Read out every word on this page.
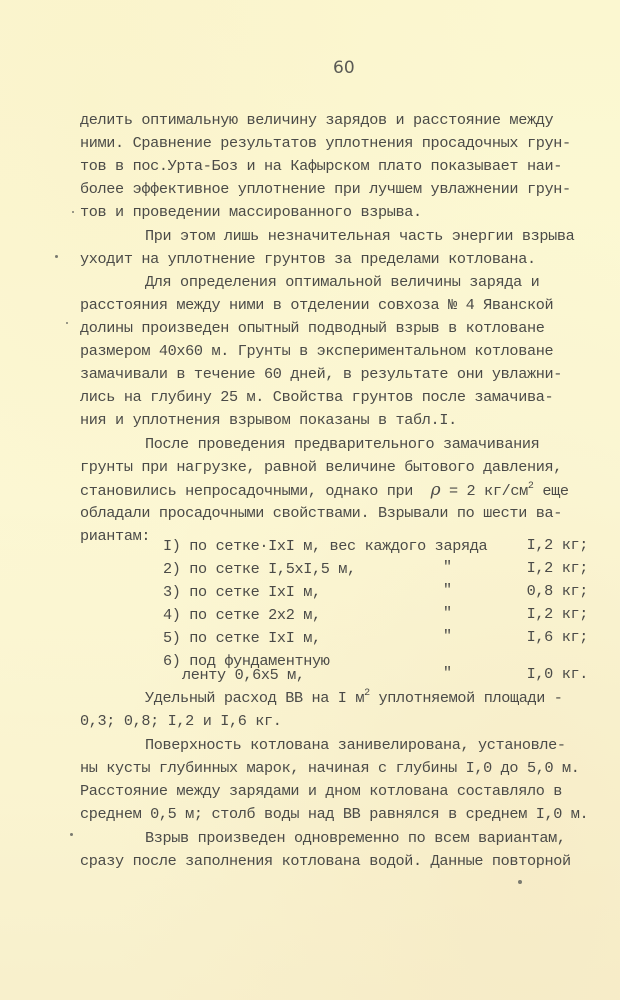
60
делить оптимальную величину зарядов и расстояние между
ними. Сравнение результатов уплотнения просадочных грун-
тов в пос.Урта-Боз и на Кафырском плато показывает наи-
более эффективное уплотнение при лучшем увлажнении грун-
тов и проведении массированного взрыва.
При этом лишь незначительная часть энергии взрыва
уходит на уплотнение грунтов за пределами котлована.
Для определения оптимальной величины заряда и
расстояния между ними в отделении совхоза № 4 Яванской
долины произведен опытный подводный взрыв в котловане
размером 40х60 м. Грунты в экспериментальном котловане
замачивали в течение 60 дней, в результате они увлажни-
лись на глубину 25 м. Свойства грунтов после замачива-
ния и уплотнения взрывом показаны в табл.I.
После проведения предварительного замачивания
грунты при нагрузке, равной величине бытового давления,
становились непросадочными, однако при ρ = 2 $кг/см^2$ еще
обладали просадочными свойствами. Взрывали по шести ва-
риантам:
I) по сетке·IxI м, вес каждого заряда	I,2 кг;
2) по сетке I,5xI,5 м,	"	I,2 кг;
3) по сетке IxI м,	"	0,8 кг;
4) по сетке 2x2 м,	"	I,2 кг;
5) по сетке IxI м,	"	I,6 кг;
6) под фундаментную
ленту 0,6x5 м,	"	I,0 кг.
Удельный расход ВВ на I $м^2$ уплотняемой площади -
0,3; 0,8; I,2 и I,6 кг.
Поверхность котлована занивелирована, установле-
ны кусты глубинных марок, начиная с глубины I,0 до 5,0 м.
Расстояние между зарядами и дном котлована составляло в
среднем 0,5 м; столб воды над ВВ равнялся в среднем I,0 м.
Взрыв произведен одновременно по всем вариантам,
сразу после заполнения котлована водой. Данные повторной
